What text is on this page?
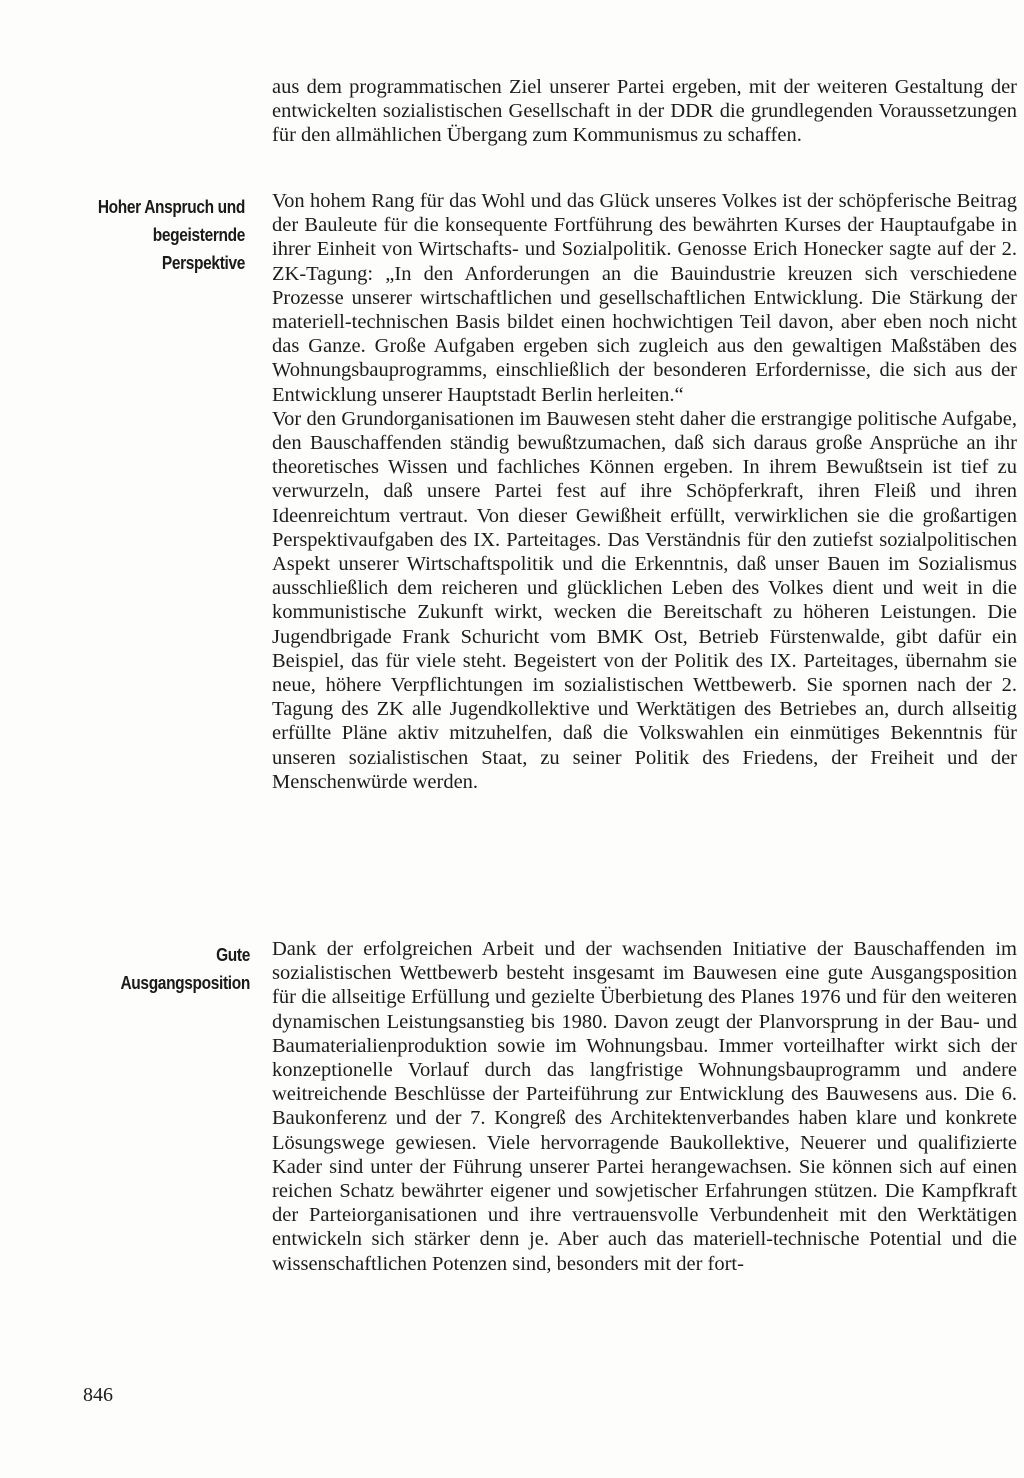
aus dem programmatischen Ziel unserer Partei ergeben, mit der weiteren Gestaltung der entwickelten sozialistischen Gesellschaft in der DDR die grundlegenden Voraussetzungen für den allmählichen Übergang zum Kommunismus zu schaffen.

Hoher Anspruch und
begeisternde
Perspektive

Von hohem Rang für das Wohl und das Glück unseres Volkes ist der schöpferische Beitrag der Bauleute für die konsequente Fortführung des bewährten Kurses der Hauptaufgabe in ihrer Einheit von Wirtschafts- und Sozialpolitik. Genosse Erich Honecker sagte auf der 2. ZK-Tagung: „In den Anforderungen an die Bauindustrie kreuzen sich verschiedene Prozesse unserer wirtschaftlichen und gesellschaftlichen Entwicklung. Die Stärkung der materiell-technischen Basis bildet einen hochwichtigen Teil davon, aber eben noch nicht das Ganze. Große Aufgaben ergeben sich zugleich aus den gewaltigen Maßstäben des Wohnungsbauprogramms, einschließlich der besonderen Erfordernisse, die sich aus der Entwicklung unserer Hauptstadt Berlin herleiten.“

Vor den Grundorganisationen im Bauwesen steht daher die erstrangige politische Aufgabe, den Bauschaffenden ständig bewußtzumachen, daß sich daraus große Ansprüche an ihr theoretisches Wissen und fachliches Können ergeben. In ihrem Bewußtsein ist tief zu verwurzeln, daß unsere Partei fest auf ihre Schöpferkraft, ihren Fleiß und ihren Ideenreichtum vertraut. Von dieser Gewißheit erfüllt, verwirklichen sie die großartigen Perspektivaufgaben des IX. Parteitages. Das Verständnis für den zutiefst sozialpolitischen Aspekt unserer Wirtschaftspolitik und die Erkenntnis, daß unser Bauen im Sozialismus ausschließlich dem reicheren und glücklichen Leben des Volkes dient und weit in die kommunistische Zukunft wirkt, wecken die Bereitschaft zu höheren Leistungen. Die Jugendbrigade Frank Schuricht vom BMK Ost, Betrieb Fürstenwalde, gibt dafür ein Beispiel, das für viele steht. Begeistert von der Politik des IX. Parteitages, übernahm sie neue, höhere Verpflichtungen im sozialistischen Wettbewerb. Sie spornen nach der 2. Tagung des ZK alle Jugendkollektive und Werktätigen des Betriebes an, durch allseitig erfüllte Pläne aktiv mitzuhelfen, daß die Volkswahlen ein einmütiges Bekenntnis für unseren sozialistischen Staat, zu seiner Politik des Friedens, der Freiheit und der Menschenwürde werden.

Gute Ausgangsposition

Dank der erfolgreichen Arbeit und der wachsenden Initiative der Bauschaffenden im sozialistischen Wettbewerb besteht insgesamt im Bauwesen eine gute Ausgangsposition für die allseitige Erfüllung und gezielte Überbietung des Planes 1976 und für den weiteren dynamischen Leistungsanstieg bis 1980. Davon zeugt der Planvorsprung in der Bau- und Baumaterialienproduktion sowie im Wohnungsbau. Immer vorteilhafter wirkt sich der konzeptionelle Vorlauf durch das langfristige Wohnungsbauprogramm und andere weitreichende Beschlüsse der Parteiführung zur Entwicklung des Bauwesens aus. Die 6. Baukonferenz und der 7. Kongreß des Architektenverbandes haben klare und konkrete Lösungswege gewiesen. Viele hervorragende Baukollektive, Neuerer und qualifizierte Kader sind unter der Führung unserer Partei herangewachsen. Sie können sich auf einen reichen Schatz bewährter eigener und sowjetischer Erfahrungen stützen. Die Kampfkraft der Parteiorganisationen und ihre vertrauensvolle Verbundenheit mit den Werktätigen entwickeln sich stärker denn je. Aber auch das materiell-technische Potential und die wissenschaftlichen Potenzen sind, besonders mit der fort-

846
